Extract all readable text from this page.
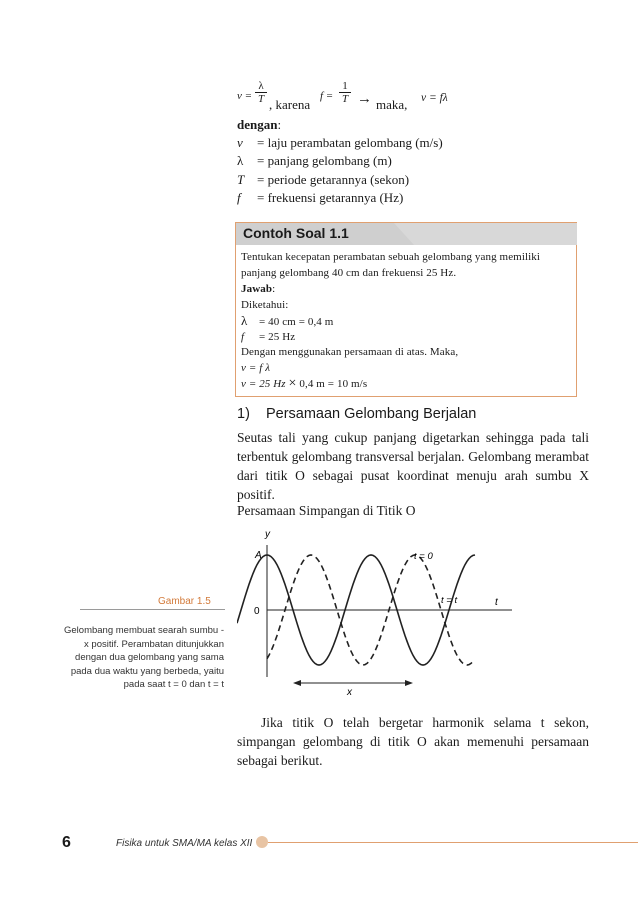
$v = \frac{\lambda}{T}$ , karena
$f = \frac{1}{T}$ → maka, v = fλ
dengan:
v = laju perambatan gelombang (m/s)
λ = panjang gelombang (m)
T = periode getarannya (sekon)
f = frekuensi getarannya (Hz)
Contoh Soal 1.1
Tentukan kecepatan perambatan sebuah gelombang yang memiliki
panjang gelombang 40 cm dan frekuensi 25 Hz.
Jawab:
Diketahui:
λ = 40 cm = 0,4 m
f = 25 Hz
Dengan menggunakan persamaan di atas. Maka,
v = f λ
v = 25 Hz × 0,4 m = 10 m/s
1) Persamaan Gelombang Berjalan
Seutas tali yang cukup panjang digetarkan sehingga pada tali terbentuk gelombang transversal berjalan. Gelombang merambat dari titik O sebagai pusat koordinat menuju arah sumbu X positif.
Persamaan Simpangan di Titik O
y
A
0
t
t = 0
t = t
x
Gambar 1.5
Gelombang membuat searah sumbu -x positif. Perambatan ditunjukkan dengan dua gelombang yang sama pada dua waktu yang berbeda, yaitu pada saat t = 0 dan t = t
Jika titik O telah bergetar harmonik selama t sekon, simpangan gelombang di titik O akan memenuhi persamaan sebagai berikut.
6	Fisika untuk SMA/MA kelas XII
